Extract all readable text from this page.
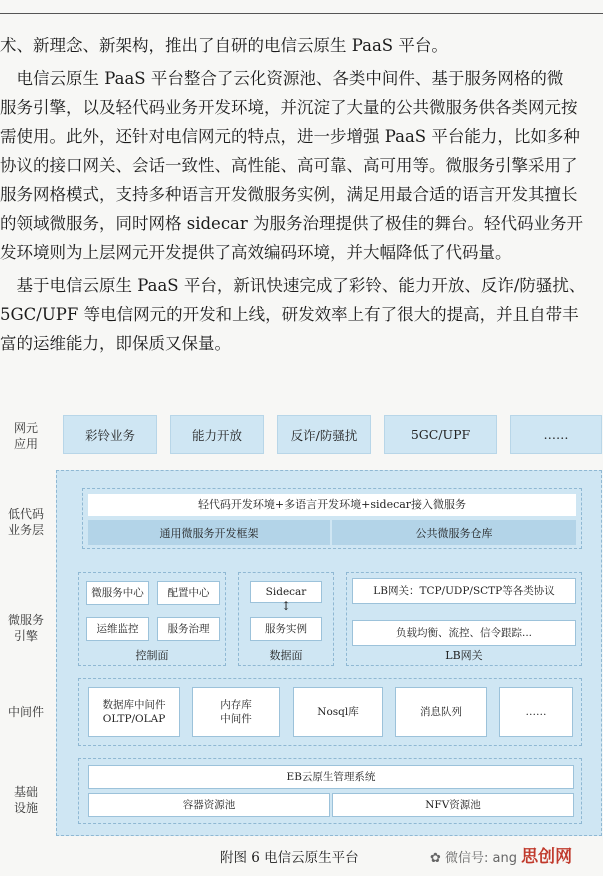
术、新理念、新架构，推出了自研的电信云原生 PaaS 平台。
　电信云原生 PaaS 平台整合了云化资源池、各类中间件、基于服务网格的微
服务引擎，以及轻代码业务开发环境，并沉淀了大量的公共微服务供各类网元按
需使用。此外，还针对电信网元的特点，进一步增强 PaaS 平台能力，比如多种
协议的接口网关、会话一致性、高性能、高可靠、高可用等。微服务引擎采用了
服务网格模式，支持多种语言开发微服务实例，满足用最合适的语言开发其擅长
的领域微服务，同时网格 sidecar 为服务治理提供了极佳的舞台。轻代码业务开
发环境则为上层网元开发提供了高效编码环境，并大幅降低了代码量。
　基于电信云原生 PaaS 平台，新讯快速完成了彩铃、能力开放、反诈/防骚扰、
5GC/UPF 等电信网元的开发和上线，研发效率上有了很大的提高，并且自带丰
富的运维能力，即保质又保量。
网元
应用
低代码
业务层
微服务
引擎
中间件
基础
设施
彩铃业务	能力开放	反诈/防骚扰	5GC/UPF	……
轻代码开发环境+多语言开发环境+sidecar接入微服务
通用微服务开发框架	公共微服务仓库
微服务中心	配置中心
运维监控	服务治理
控制面
Sidecar
↕
服务实例
数据面
LB网关：TCP/UDP/SCTP等各类协议
负载均衡、流控、信令跟踪...
LB网关
数据库中间件
OLTP/OLAP
内存库
中间件
Nosql库	消息队列	……
EB云原生管理系统
容器资源池	NFV资源池
附图 6 电信云原生平台	✿ 微信号: ang 思创网
